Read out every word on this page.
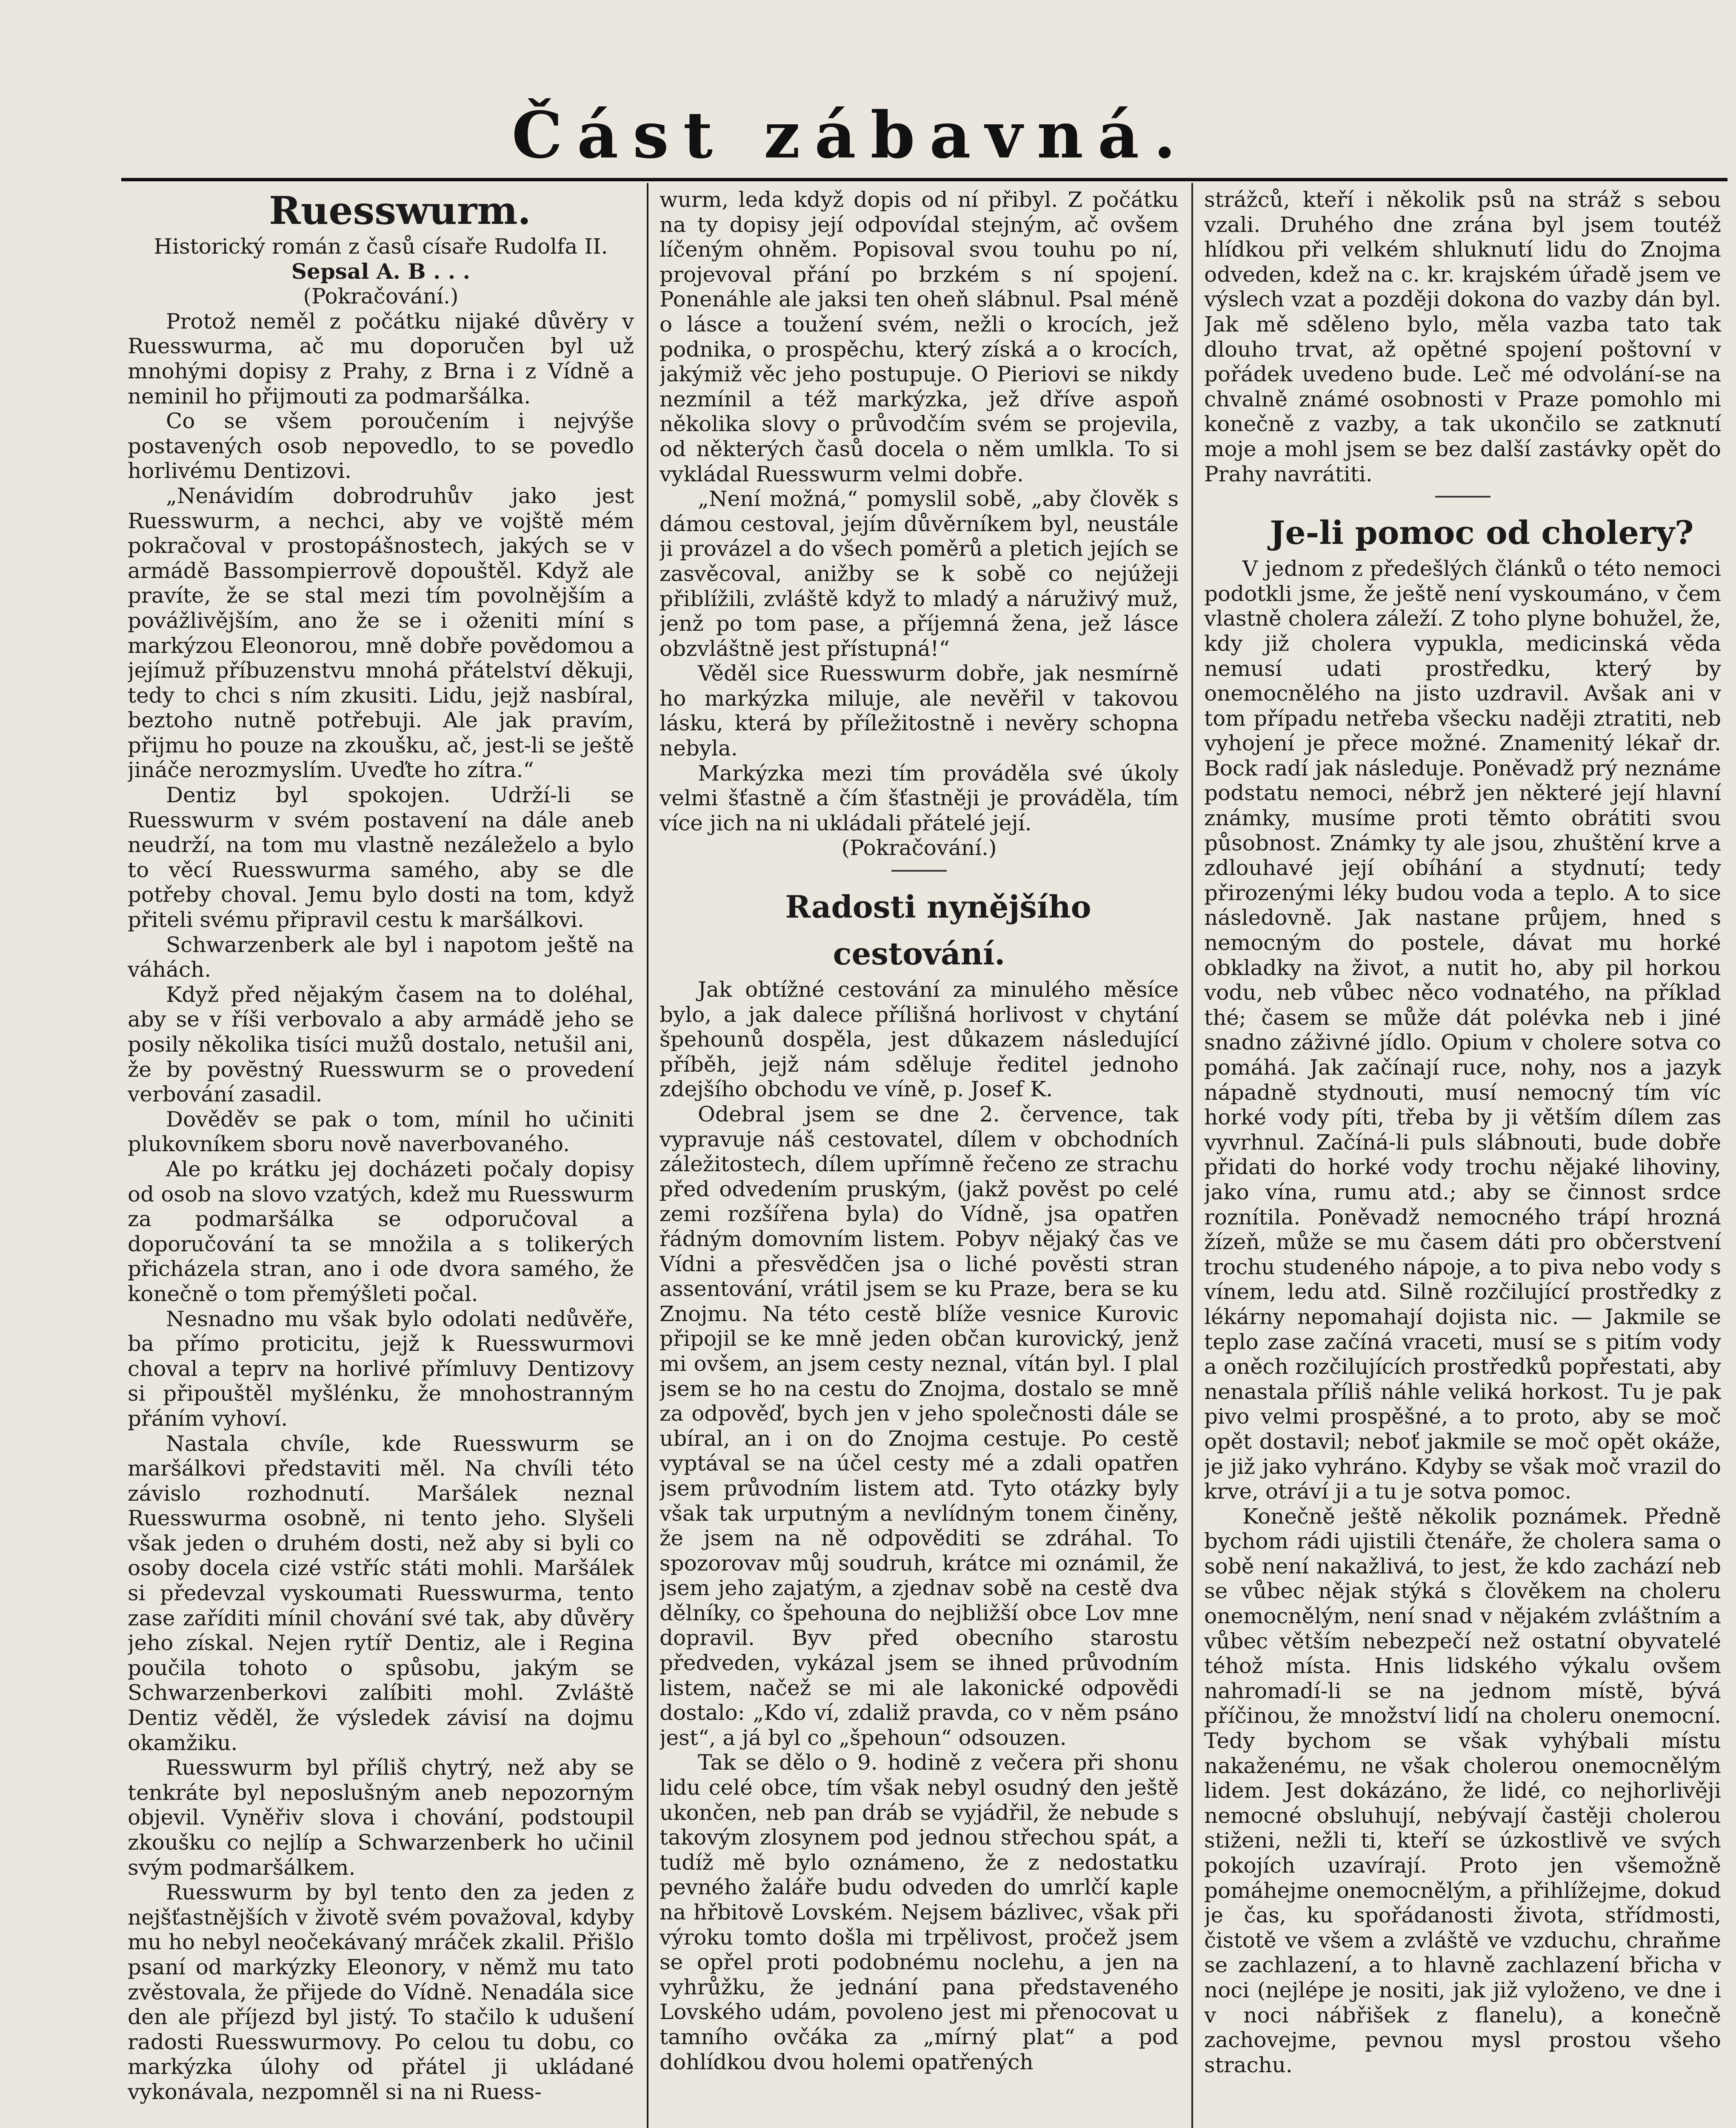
Část zábavná.

Ruesswurm.

Historický román z časů císaře Rudolfa II.

Sepsal A. B . . .

(Pokračování.)

Protož neměl z počátku nijaké důvěry v Ruesswurma, ač mu doporučen byl už mnohými dopisy z Prahy, z Brna i z Vídně a neminil ho přijmouti za podmaršálka.

Co se všem poroučením i nejvýše postavených osob nepovedlo, to se povedlo horlivému Dentizovi.

„Nenávidím dobrodruhův jako jest Ruesswurm, a nechci, aby ve vojště mém pokračoval v prostopášnostech, jakých se v armádě Bassompierrově dopouštěl. Když ale pravíte, že se stal mezi tím povolnějším a povážlivějším, ano že se i oženiti míní s markýzou Eleonorou, mně dobře povědomou a jejímuž příbuzenstvu mnohá přátelství děkuji, tedy to chci s ním zkusiti. Lidu, jejž nasbíral, beztoho nutně potřebuji. Ale jak pravím, přijmu ho pouze na zkoušku, ač, jest-li se ještě jináče nerozmyslím. Uveďte ho zítra.“

Dentiz byl spokojen. Udrží-li se Ruesswurm v svém postavení na dále aneb neudrží, na tom mu vlastně nezáleželo a bylo to věcí Ruesswurma samého, aby se dle potřeby choval. Jemu bylo dosti na tom, když přiteli svému připravil cestu k maršálkovi.

Schwarzenberk ale byl i napotom ještě na váhách.

Když před nějakým časem na to doléhal, aby se v říši verbovalo a aby armádě jeho se posily několika tisíci mužů dostalo, netušil ani, že by povĕstný Ruesswurm se o provedení verbování zasadil.

Dověděv se pak o tom, mínil ho učiniti plukovníkem sboru nově naverbovaného.

Ale po krátku jej docházeti počaly dopisy od osob na slovo vzatých, kdež mu Ruesswurm za podmaršálka se odporučoval a doporučování ta se množila a s tolikerých přicházela stran, ano i ode dvora samého, že konečně o tom přemýšleti počal.

Nesnadno mu však bylo odolati nedůvěře, ba přímo proticitu, jejž k Ruesswurmovi choval a teprv na horlivé přímluvy Dentizovy si připouštěl myšlénku, že mnohostranným přáním vyhoví.

Nastala chvíle, kde Ruesswurm se maršálkovi představiti měl. Na chvíli této závislo rozhodnutí. Maršálek neznal Ruesswurma osobně, ni tento jeho. Slyšeli však jeden o druhém dosti, než aby si byli co osoby docela cizé vstříc státi mohli. Maršálek si předevzal vyskoumati Ruesswurma, tento zase zaříditi mínil chování své tak, aby důvěry jeho získal. Nejen rytíř Dentiz, ale i Regina poučila tohoto o spůsobu, jakým se Schwarzenberkovi zalíbiti mohl. Zvláště Dentiz věděl, že výsledek závisí na dojmu okamžiku.

Ruesswurm byl příliš chytrý, než aby se tenkráte byl neposlušným aneb nepozorným objevil. Vyněřiv slova i chování, podstoupil zkoušku co nejlíp a Schwarzenberk ho učinil svým podmaršálkem.

Ruesswurm by byl tento den za jeden z nejšťastnějších v životě svém považoval, kdyby mu ho nebyl neočekávaný mráček zkalil. Přišlo psaní od markýzky Eleonory, v němž mu tato zvěstovala, že přijede do Vídně. Nenadála sice den ale příjezd byl jistý. To stačilo k udušení radosti Ruesswurmovy. Po celou tu dobu, co markýzka úlohy od přátel ji ukládané vykonávala, nezpomněl si na ni Ruess-

wurm, leda když dopis od ní přibyl. Z počátku na ty dopisy její odpovídal stejným, ač ovšem líčeným ohněm. Popisoval svou touhu po ní, projevoval přání po brzkém s ní spojení. Ponenáhle ale jaksi ten oheň slábnul. Psal méně o lásce a toužení svém, nežli o krocích, jež podnika, o prospěchu, který získá a o krocích, jakýmiž věc jeho postupuje. O Pieriovi se nikdy nezmínil a též markýzka, jež dříve aspoň několika slovy o průvodčím svém se projevila, od některých časů docela o něm umlkla. To si vykládal Ruesswurm velmi dobře.

„Není možná,“ pomyslil sobě, „aby člověk s dámou cestoval, jejím důvěrníkem byl, neustále ji provázel a do všech poměrů a pletich jejích se zasvěcoval, anižby se k sobě co nejúžeji přiblížili, zvláště když to mladý a náruživý muž, jenž po tom pase, a příjemná žena, jež lásce obzvláštně jest přístupná!“

Věděl sice Ruesswurm dobře, jak nesmírně ho markýzka miluje, ale nevěřil v takovou lásku, která by příležitostně i nevěry schopna nebyla.

Markýzka mezi tím prováděla své úkoly velmi šťastně a čím šťastněji je prováděla, tím více jich na ni ukládali přátelé její.

(Pokračování.)

Radosti nynějšího cestování.

Jak obtížné cestování za minulého měsíce bylo, a jak dalece přílišná horlivost v chytání špehounů dospěla, jest důkazem následující příběh, jejž nám sděluje ředitel jednoho zdejšího obchodu ve víně, p. Josef K.

Odebral jsem se dne 2. července, tak vypravuje náš cestovatel, dílem v obchodních záležitostech, dílem upřímně řečeno ze strachu před odvedením pruským, (jakž pověst po celé zemi rozšířena byla) do Vídně, jsa opatřen řádným domovním listem. Pobyv nějaký čas ve Vídni a přesvědčen jsa o liché pověsti stran assentování, vrátil jsem se ku Praze, bera se ku Znojmu. Na této cestě blíže vesnice Kurovic připojil se ke mně jeden občan kurovický, jenž mi ovšem, an jsem cesty neznal, vítán byl. I plal jsem se ho na cestu do Znojma, dostalo se mně za odpověď, bych jen v jeho společnosti dále se ubíral, an i on do Znojma cestuje. Po cestě vyptával se na účel cesty mé a zdali opatřen jsem průvodním listem atd. Tyto otázky byly však tak urputným a nevlídným tonem činěny, že jsem na ně odpověditi se zdráhal. To spozorovav můj soudruh, krátce mi oznámil, že jsem jeho zajatým, a zjednav sobě na cestě dva dělníky, co špehouna do nejbližší obce Lov mne dopravil. Byv před obecního starostu předveden, vykázal jsem se ihned průvodním listem, načež se mi ale lakonické odpovědi dostalo: „Kdo ví, zdaliž pravda, co v něm psáno jest“, a já byl co „špehoun“ odsouzen.

Tak se dělo o 9. hodině z večera při shonu lidu celé obce, tím však nebyl osudný den ještě ukončen, neb pan dráb se vyjádřil, že nebude s takovým zlosynem pod jednou střechou spát, a tudíž mě bylo oznámeno, že z nedostatku pevného žaláře budu odveden do umrlčí kaple na hřbitově Lovském. Nejsem bázlivec, však při výroku tomto došla mi trpělivost, pročež jsem se opřel proti podobnému noclehu, a jen na vyhrůžku, že jednání pana představeného Lovského udám, povoleno jest mi přenocovat u tamního ovčáka za „mírný plat“ a pod dohlídkou dvou holemi opatřených

strážců, kteří i několik psů na stráž s sebou vzali. Druhého dne zrána byl jsem toutéž hlídkou při velkém shluknutí lidu do Znojma odveden, kdež na c. kr. krajském úřadě jsem ve výslech vzat a později dokona do vazby dán byl. Jak mě sděleno bylo, měla vazba tato tak dlouho trvat, až opětné spojení poštovní v pořádek uvedeno bude. Leč mé odvolání-se na chvalně známé osobnosti v Praze pomohlo mi konečně z vazby, a tak ukončilo se zatknutí moje a mohl jsem se bez další zastávky opět do Prahy navrátiti.

Je-li pomoc od cholery?

V jednom z předešlých článků o této nemoci podotkli jsme, že ještě není vyskoumáno, v čem vlastně cholera záleží. Z toho plyne bohužel, že, kdy již cholera vypukla, medicinská věda nemusí udati prostředku, který by onemocnělého na jisto uzdravil. Avšak ani v tom případu netřeba všecku naději ztratiti, neb vyhojení je přece možné. Znamenitý lékař dr. Bock radí jak následuje. Poněvadž prý neznáme podstatu nemoci, nébrž jen některé její hlavní známky, musíme proti těmto obrátiti svou působnost. Známky ty ale jsou, zhuštění krve a zdlouhavé její obíhání a stydnutí; tedy přirozenými léky budou voda a teplo. A to sice následovně. Jak nastane průjem, hned s nemocným do postele, dávat mu horké obkladky na život, a nutit ho, aby pil horkou vodu, neb vůbec něco vodnatého, na příklad thé; časem se může dát polévka neb i jiné snadno záživné jídlo. Opium v cholere sotva co pomáhá. Jak začínají ruce, nohy, nos a jazyk nápadně stydnouti, musí nemocný tím víc horké vody píti, třeba by ji větším dílem zas vyvrhnul. Začíná-li puls slábnouti, bude dobře přidati do horké vody trochu nějaké lihoviny, jako vína, rumu atd.; aby se činnost srdce roznítila. Poněvadž nemocného trápí hrozná žízeň, může se mu časem dáti pro občerstvení trochu studeného nápoje, a to piva nebo vody s vínem, ledu atd. Silně rozčilující prostředky z lékárny nepomahají dojista nic. — Jakmile se teplo zase začíná vraceti, musí se s pitím vody a oněch rozčilujících prostředků popřestati, aby nenastala příliš náhle veliká horkost. Tu je pak pivo velmi prospěšné, a to proto, aby se moč opět dostavil; neboť jakmile se moč opět okáže, je již jako vyhráno. Kdyby se však moč vrazil do krve, otráví ji a tu je sotva pomoc.

Konečně ještě několik poznámek. Předně bychom rádi ujistili čtenáře, že cholera sama o sobě není nakažlivá, to jest, že kdo zachází neb se vůbec nějak stýká s člověkem na choleru onemocnělým, není snad v nějakém zvláštním a vůbec větším nebezpečí než ostatní obyvatelé téhož místa. Hnis lidského výkalu ovšem nahromadí-li se na jednom místě, bývá příčinou, že množství lidí na choleru onemocní. Tedy bychom se však vyhýbali místu nakaženému, ne však cholerou onemocnělým lidem. Jest dokázáno, že lidé, co nejhorlivěji nemocné obsluhují, nebývají častěji cholerou stiženi, nežli ti, kteří se úzkostlivě ve svých pokojích uzavírají. Proto jen všemožně pomáhejme onemocnělým, a přihlížejme, dokud je čas, ku spořádanosti života, střídmosti, čistotě ve všem a zvláště ve vzduchu, chraňme se zachlazení, a to hlavně zachlazení břicha v noci (nejlépe je nositi, jak již vyloženo, ve dne i v noci nábřišek z flanelu), a konečně zachovejme, pevnou mysl prostou všeho strachu.
